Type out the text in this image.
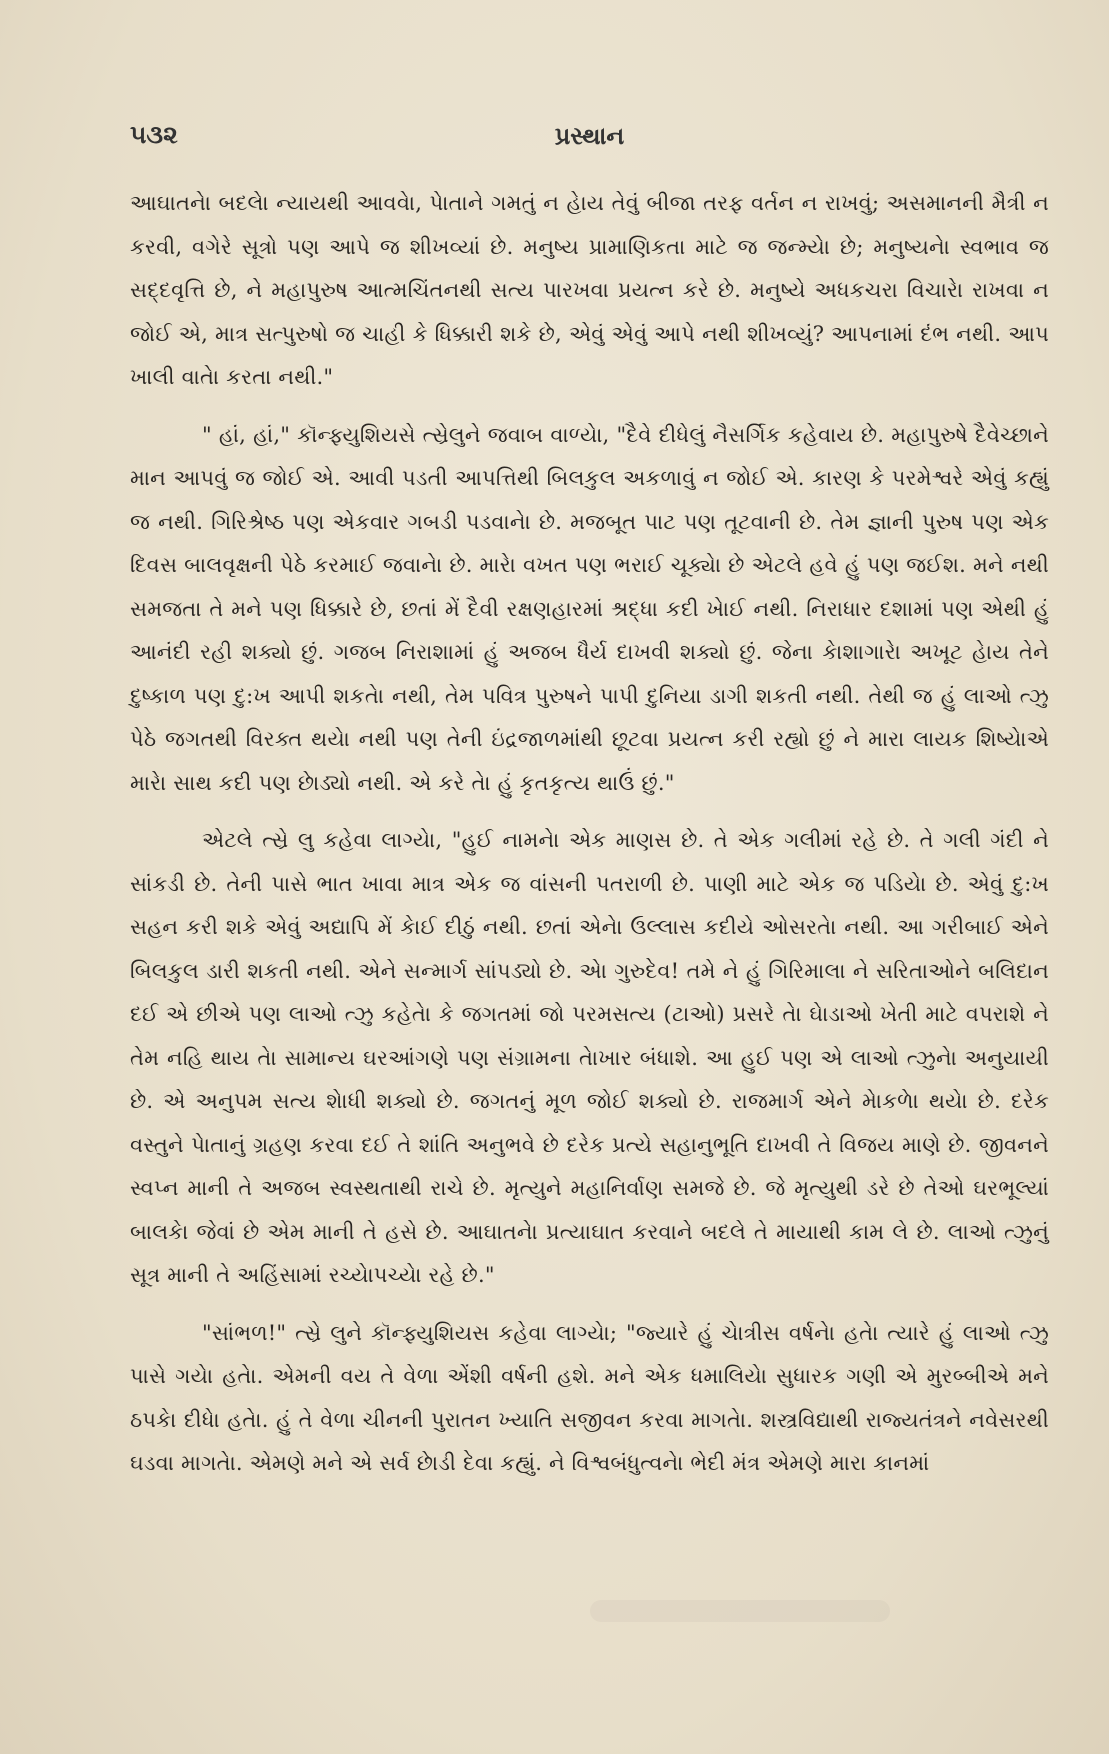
૫૩૨	પ્રસ્થાન

આઘાતનેા બદલેા ન્યાયથી આવવેા, પેાતાને ગમતું ન હેાય તેવું બીજા તરફ વર્તન ન રાખવું; અસમાનની મૈત્રી ન કરવી, વગેરે સૂત્રો પણ આપે જ શીખવ્યાં છે. મનુષ્ય પ્રામાણિકતા માટે જ જન્મ્યેા છે; મનુષ્યનેા સ્વભાવ જ સદ્દવૃત્તિ છે, ને મહાપુરુષ આત્મચિંતનથી સત્ય પારખવા પ્રયત્ન કરે છે. મનુષ્યે અધકચરા વિચારેા રાખવા ન જોઈ એ, માત્ર સત્પુરુષો જ ચાહી કે ધિક્કારી શકે છે, એવું એવું આપે નથી શીખવ્યું? આપનામાં દંભ નથી. આપ ખાલી વાતેા કરતા નથી."

" હાં, હાં," કૉન્ફ્યુશિયસે ત્સ્રેલુને જવાબ વાળ્યેા, "દૈવે દીધેલું નૈસર્ગિક કહેવાય છે. મહાપુરુષે દૈવેચ્છાને માન આપવું જ જોઈ એ. આવી પડતી આપત્તિથી બિલકુલ અકળાવું ન જોઈ એ. કારણ કે પરમેશ્વરે એવું કહ્યું જ નથી. ગિરિશ્રેષ્ઠ પણ એકવાર ગબડી પડવાનેા છે. મજબૂત પાટ પણ તૂટવાની છે. તેમ જ્ઞાની પુરુષ પણ એક દિવસ બાલવૃક્ષની પેઠે કરમાઈ જવાનેા છે. મારેા વખત પણ ભરાઈ ચૂક્યેા છે એટલે હવે હું પણ જઈશ. મને નથી સમજતા તે મને પણ ધિક્કારે છે, છતાં મેં દૈવી રક્ષણહારમાં શ્રદ્ધા કદી ખેાઈ નથી. નિરાધાર દશામાં પણ એથી હું આનંદી રહી શક્યો છું. ગજબ નિરાશામાં હું અજબ ધૈર્ય દાખવી શક્યો છું. જેના કેાશાગારેા અખૂટ હેાય તેને દુષ્કાળ પણ દુ:ખ આપી શકતેા નથી, તેમ પવિત્ર પુરુષને પાપી દુનિયા ડાગી શકતી નથી. તેથી જ હું લાઓ ત્ઝુ પેઠે જગતથી વિરક્ત થયેા નથી પણ તેની ઇંદ્રજાળમાંથી છૂટવા પ્રયત્ન કરી રહ્યો છું ને મારા લાયક શિષ્યેાએ મારેા સાથ કદી પણ છેાડ્યો નથી. એ કરે તેા હું કૃતકૃત્ય થાઉં છું."

એટલે ત્સ્રે લુ કહેવા લાગ્યેા, "હુઈ નામનેા એક માણસ છે. તે એક ગલીમાં રહે છે. તે ગલી ગંદી ને સાંકડી છે. તેની પાસે ભાત ખાવા માત્ર એક જ વાંસની પતરાળી છે. પાણી માટે એક જ પડિયેા છે. એવું દુ:ખ સહન કરી શકે એવું અદ્યાપિ મેં કેાઈ દીઠું નથી. છતાં એનેા ઉલ્લાસ કદીયે ઓસરતેા નથી. આ ગરીબાઈ એને બિલકુલ ડારી શકતી નથી. એને સન્માર્ગ સાંપડ્યો છે. એા ગુરુદેવ! તમે ને હું ગિરિમાલા ને સરિતાઓને બલિદાન દઈ એ છીએ પણ લાઓ ત્ઝુ કહેતેા કે જગતમાં જો પરમસત્ય (ટાઓ) પ્રસરે તેા ઘેાડાઓ ખેતી માટે વપરાશે ને તેમ નહિ થાય તેા સામાન્ય ઘરઆંગણે પણ સંગ્રામના તેાખાર બંધાશે. આ હુઈ પણ એ લાઓ ત્ઝુનેા અનુયાયી છે. એ અનુપમ સત્ય શેાધી શક્યો છે. જગતનું મૂળ જોઈ શક્યો છે. રાજમાર્ગ એને મેાકળેા થયેા છે. દરેક વસ્તુને પેાતાનું ગ્રહણ કરવા દઈ તે શાંતિ અનુભવે છે દરેક પ્રત્યે સહાનુભૂતિ દાખવી તે વિજય માણે છે. જીવનને સ્વપ્ન માની તે અજબ સ્વસ્થતાથી રાચે છે. મૃત્યુને મહાનિર્વાણ સમજે છે. જે મૃત્યુથી ડરે છે તેઓ ઘરભૂલ્યાં બાલકેા જેવાં છે એમ માની તે હસે છે. આઘાતનેા પ્રત્યાઘાત કરવાને બદલે તે માયાથી કામ લે છે. લાઓ ત્ઝુનું સૂત્ર માની તે અહિંસામાં રચ્યેાપચ્યેા રહે છે."

"સાંભળ!" ત્સ્રે લુને કૉન્ફ્યુશિયસ કહેવા લાગ્યેા; "જ્યારે હું ચેાત્રીસ વર્ષનેા હતેા ત્યારે હું લાઓ ત્ઝુ પાસે ગયેા હતેા. એમની વય તે વેળા એંશી વર્ષની હશે. મને એક ધમાલિયેા સુધારક ગણી એ મુરબ્બીએ મને ઠપકેા દીધેા હતેા. હું તે વેળા ચીનની પુરાતન ખ્યાતિ સજીવન કરવા માગતેા. શસ્ત્રવિદ્યાથી રાજ્યતંત્રને નવેસરથી ઘડવા માગતેા. એમણે મને એ સર્વ છેાડી દેવા કહ્યું. ને વિશ્વબંધુત્વનેા ભેદી મંત્ર એમણે મારા કાનમાં
